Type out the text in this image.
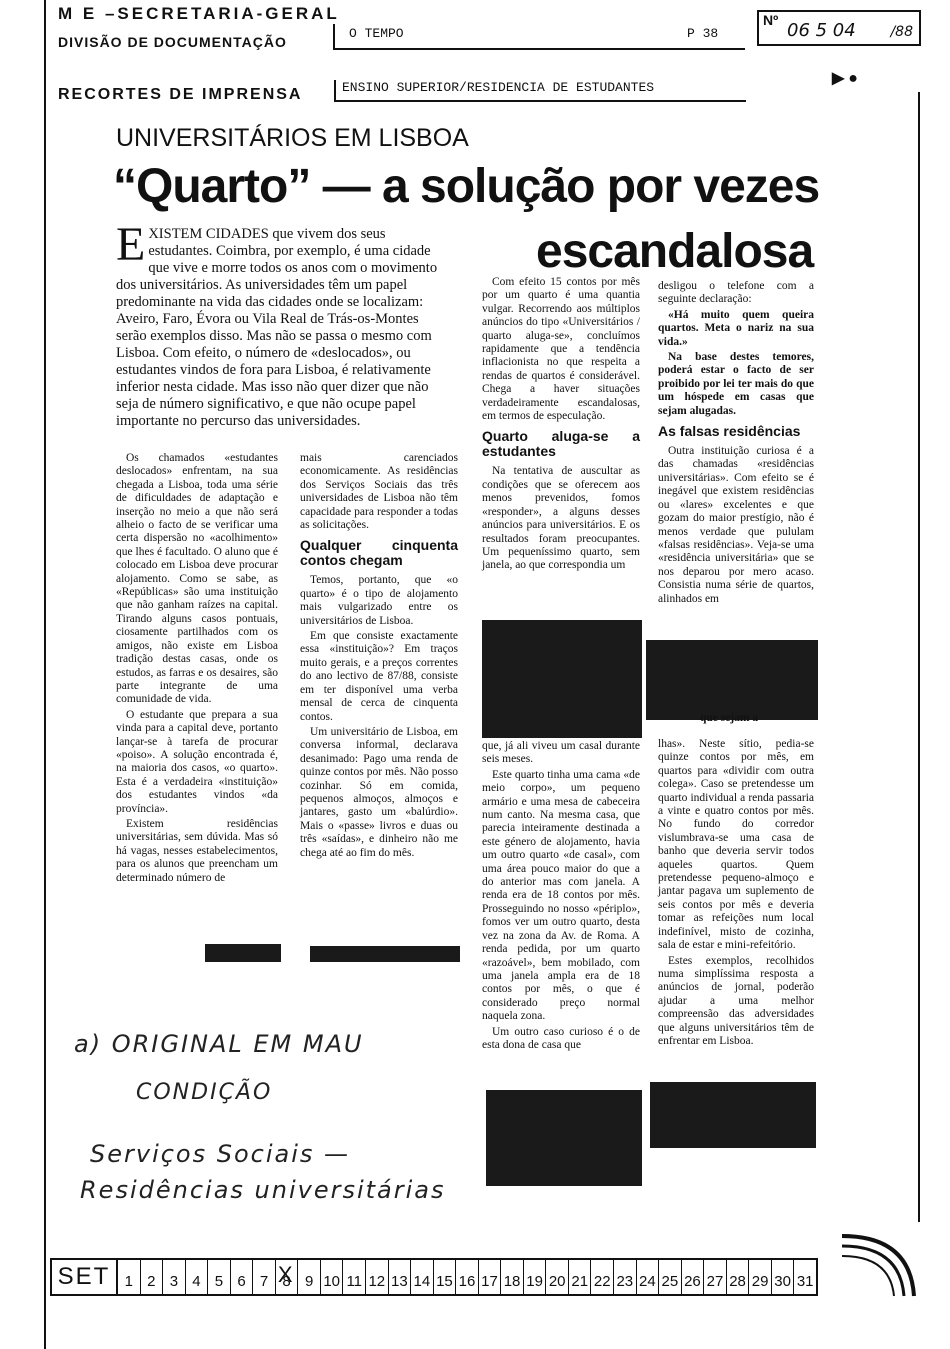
M E –SECRETARIA-GERAL
DIVISÃO DE DOCUMENTAÇÃO
RECORTES DE IMPRENSA
O TEMPO	P 38
Nº 06 5 04 /88
ENSINO SUPERIOR/RESIDENCIA DE ESTUDANTES
▶ ●
UNIVERSITÁRIOS EM LISBOA
“Quarto” — a solução por vezes
escandalosa
EXISTEM CIDADES que vivem dos seus estudantes. Coimbra, por exemplo, é uma cidade que vive e morre todos os anos com o movimento dos universitários. As universidades têm um papel predominante na vida das cidades onde se localizam: Aveiro, Faro, Évora ou Vila Real de Trás-os-Montes serão exemplos disso. Mas não se passa o mesmo com Lisboa. Com efeito, o número de «deslocados», ou estudantes vindos de fora para Lisboa, é relativamente inferior nesta cidade. Mas isso não quer dizer que não seja de número significativo, e que não ocupe papel importante no percurso das universidades.

Os chamados «estudantes deslocados» enfrentam, na sua chegada a Lisboa, toda uma série de dificuldades de adaptação e inserção no meio a que não será alheio o facto de se verificar uma certa dispersão no «acolhimento» que lhes é facultado. O aluno que é colocado em Lisboa deve procurar alojamento. Como se sabe, as «Repúblicas» são uma instituição que não ganham raízes na capital. Tirando alguns casos pontuais, ciosamente partilhados com os amigos, não existe em Lisboa tradição destas casas, onde os estudos, as farras e os desaires, são parte integrante de uma comunidade de vida.

O estudante que prepara a sua vinda para a capital deve, portanto lançar-se à tarefa de procurar «poiso». A solução encontrada é, na maioria dos casos, «o quarto». Esta é a verdadeira «instituição» dos estudantes vindos «da província».

Existem residências universitárias, sem dúvida. Mas só há vagas, nesses estabelecimentos, para os alunos que preencham um determinado número de

mais carenciados economicamente. As residências dos Serviços Sociais das três universidades de Lisboa não têm capacidade para responder a todas as solicitações.

Qualquer cinquenta contos chegam

Temos, portanto, que «o quarto» é o tipo de alojamento mais vulgarizado entre os universitários de Lisboa.

Em que consiste exactamente essa «instituição»? Em traços muito gerais, e a preços correntes do ano lectivo de 87/88, consiste em ter disponível uma verba mensal de cerca de cinquenta contos.

Um universitário de Lisboa, em conversa informal, declarava desanimado: Pago uma renda de quinze contos por mês. Não posso cozinhar. Só em comida, pequenos almoços, almoços e jantares, gasto um «balúrdio». Mais o «passe» livros e duas ou três «saídas», e dinheiro não me chega até ao fim do mês.

Com efeito 15 contos por mês por um quarto é uma quantia vulgar. Recorrendo aos múltiplos anúncios do tipo «Universitários / quarto aluga-se», concluímos rapidamente que a tendência inflacionista no que respeita a rendas de quartos é considerável. Chega a haver situações verdadeiramente escandalosas, em termos de especulação.

Quarto aluga-se a estudantes

Na tentativa de auscultar as condições que se oferecem aos menos prevenidos, fomos «responder», a alguns desses anúncios para universitários. E os resultados foram preocupantes. Um pequeníssimo quarto, sem janela, ao que correspondia um

que, já ali viveu um casal durante seis meses.

Este quarto tinha uma cama «de meio corpo», um pequeno armário e uma mesa de cabeceira num canto. Na mesma casa, que parecia inteiramente destinada a este género de alojamento, havia um outro quarto «de casal», com uma área pouco maior do que a do anterior mas com janela. A renda era de 18 contos por mês. Prosseguindo no nosso «périplo», fomos ver um outro quarto, desta vez na zona da Av. de Roma. A renda pedida, por um quarto «razoável», bem mobilado, com uma janela ampla era de 18 contos por mês, o que é considerado preço normal naquela zona.

Um outro caso curioso é o de esta dona de casa que

desligou o telefone com a seguinte declaração:

«Há muito quem queira quartos. Meta o nariz na sua vida.»

Na base destes temores, poderá estar o facto de ser proibido por lei ter mais do que um hóspede em casas que sejam alugadas.

As falsas residências

Outra instituição curiosa é a das chamadas «residências universitárias». Com efeito se é inegável que existem residências ou «lares» excelentes e que gozam do maior prestígio, não é menos verdade que pululam «falsas residências». Veja-se uma «residência universitária» que se nos deparou por mero acaso. Consistia numa série de quartos, alinhados em

que sejam a

lhas». Neste sítio, pedia-se quinze contos por mês, em quartos para «dividir com outra colega». Caso se pretendesse um quarto individual a renda passaria a vinte e quatro contos por mês. No fundo do corredor vislumbrava-se uma casa de banho que deveria servir todos aqueles quartos. Quem pretendesse pequeno-almoço e jantar pagava um suplemento de seis contos por mês e deveria tomar as refeições num local indefinível, misto de cozinha, sala de estar e mini-refeitório.

Estes exemplos, recolhidos numa simplíssima resposta a anúncios de jornal, poderão ajudar a uma melhor compreensão das adversidades que alguns universitários têm de enfrentar em Lisboa.

a) ORIGINAL EM MAU
CONDIÇÃO
Serviços Sociais —
Residências universitárias
SET 1 2 3 4 5 6 7 8 X 9 10 11 12 13 14 15 16 17 18 19 20 21 22 23 24 25 26 27 28 29 30 31
